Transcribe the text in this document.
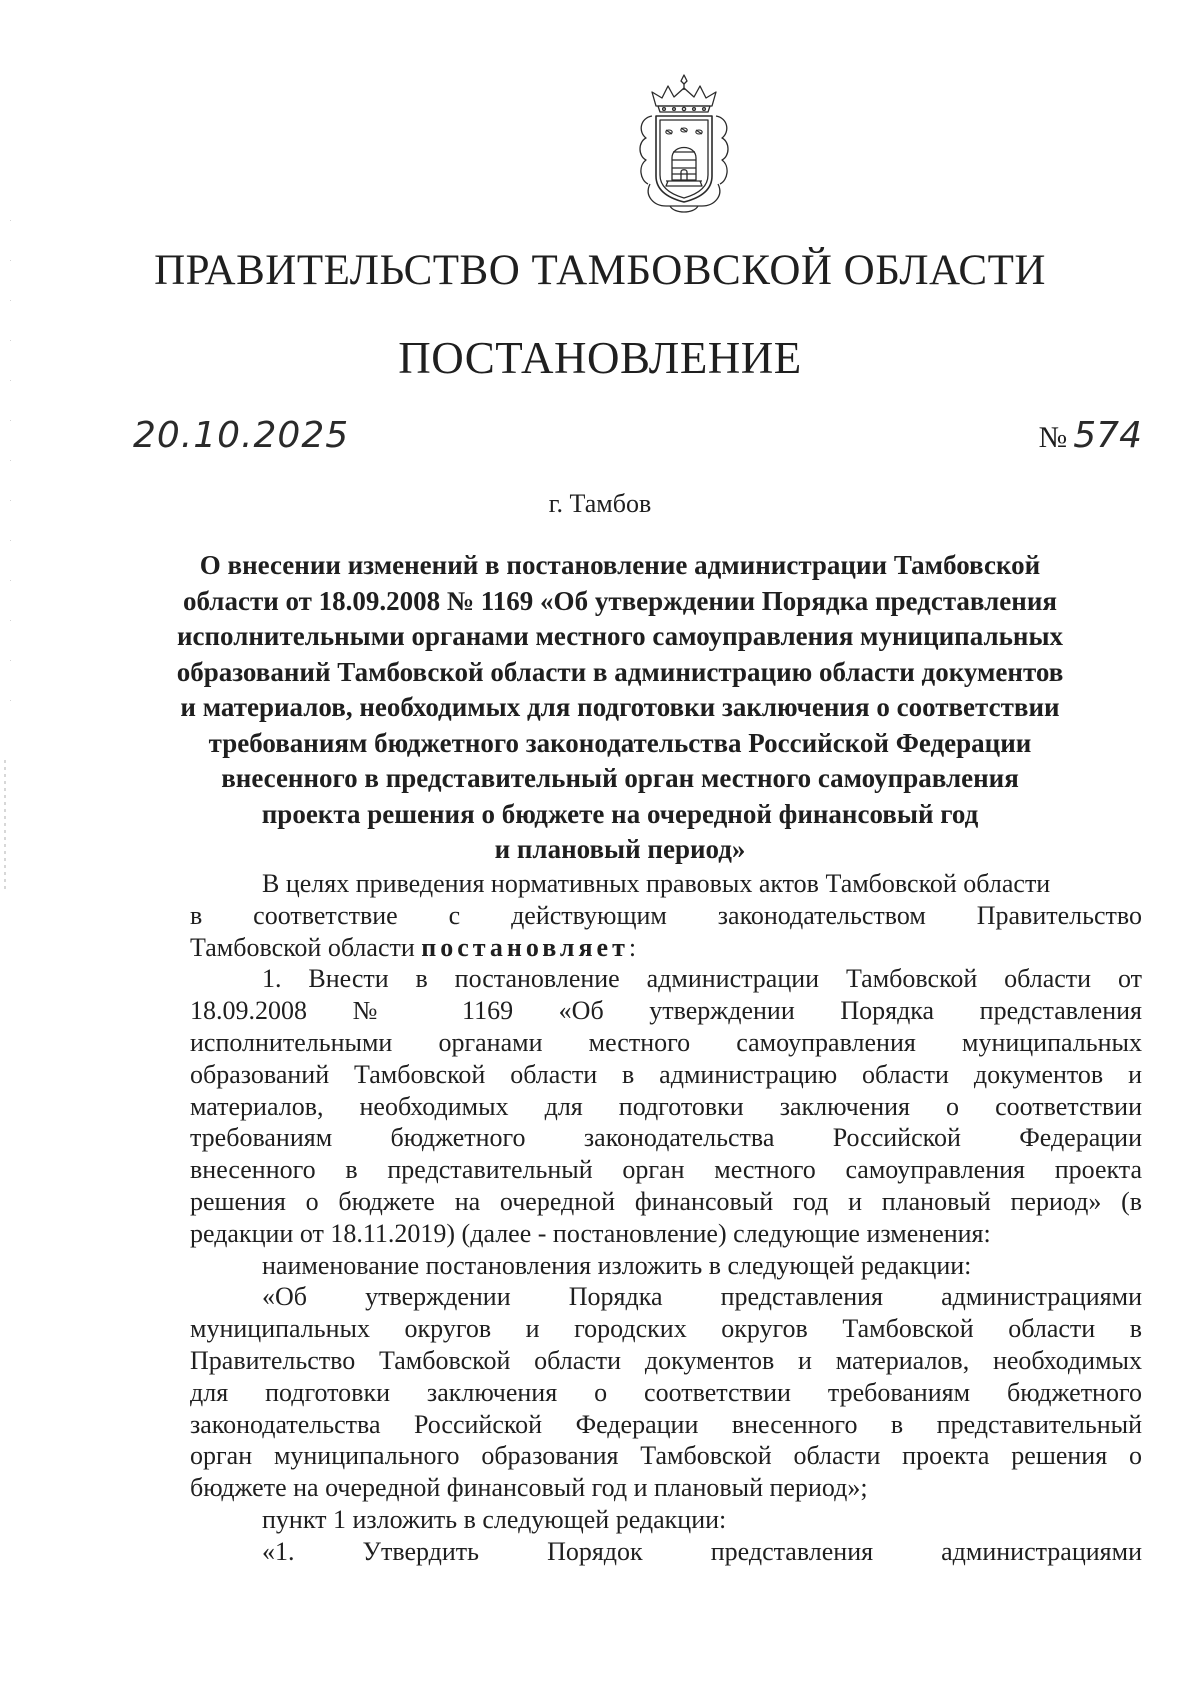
ПРАВИТЕЛЬСТВО ТАМБОВСКОЙ ОБЛАСТИ
ПОСТАНОВЛЕНИЕ
20.10.2025	№ 574
г. Тамбов
О внесении изменений в постановление администрации Тамбовской
области от 18.09.2008 № 1169 «Об утверждении Порядка представления
исполнительными органами местного самоуправления муниципальных
образований Тамбовской области в администрацию области документов
и материалов, необходимых для подготовки заключения о соответствии
требованиям бюджетного законодательства Российской Федерации
внесенного в представительный орган местного самоуправления
проекта решения о бюджете на очередной финансовый год
и плановый период»
В целях приведения нормативных правовых актов Тамбовской области
в соответствие с действующим законодательством Правительство
Тамбовской области постановляет:
1. Внести в постановление администрации Тамбовской области от
18.09.2008 № 1169 «Об утверждении Порядка представления
исполнительными органами местного самоуправления муниципальных
образований Тамбовской области в администрацию области документов и
материалов, необходимых для подготовки заключения о соответствии
требованиям бюджетного законодательства Российской Федерации
внесенного в представительный орган местного самоуправления проекта
решения о бюджете на очередной финансовый год и плановый период» (в
редакции от 18.11.2019) (далее - постановление) следующие изменения:
наименование постановления изложить в следующей редакции:
«Об утверждении Порядка представления администрациями
муниципальных округов и городских округов Тамбовской области в
Правительство Тамбовской области документов и материалов, необходимых
для подготовки заключения о соответствии требованиям бюджетного
законодательства Российской Федерации внесенного в представительный
орган муниципального образования Тамбовской области проекта решения о
бюджете на очередной финансовый год и плановый период»;
пункт 1 изложить в следующей редакции:
«1. Утвердить Порядок представления администрациями
